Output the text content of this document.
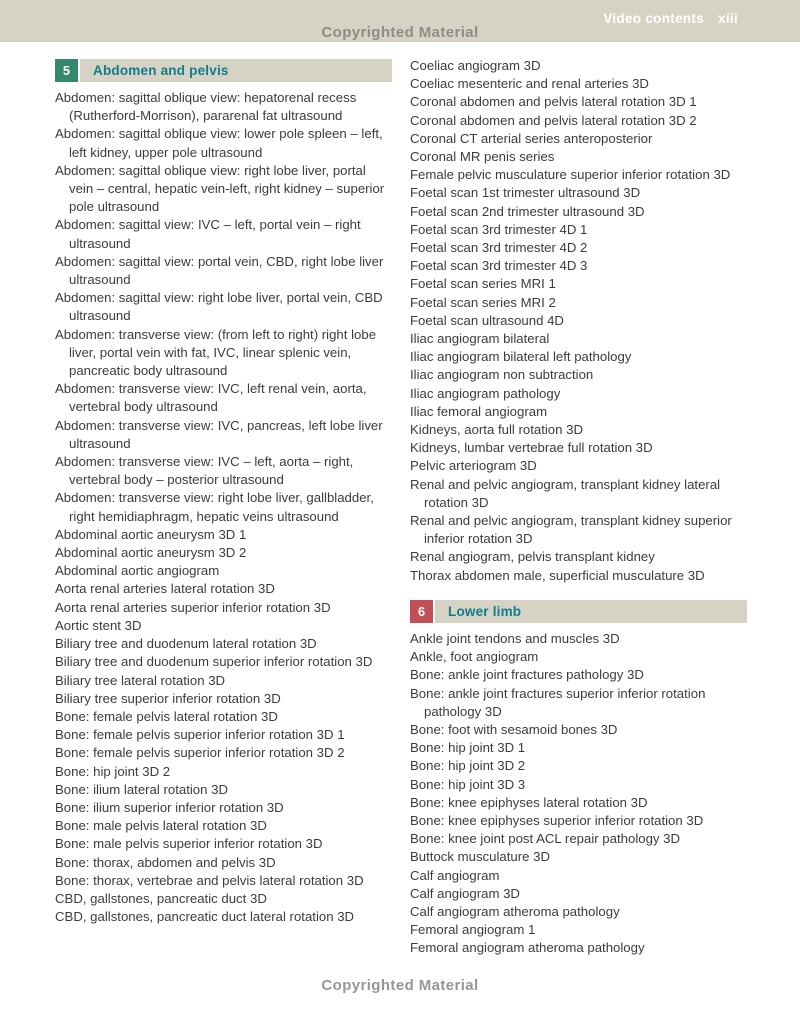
Video contents xiii
Copyrighted Material
5	Abdomen and pelvis
Abdomen: sagittal oblique view: hepatorenal recess (Rutherford-Morrison), pararenal fat ultrasound
Abdomen: sagittal oblique view: lower pole spleen – left, left kidney, upper pole ultrasound
Abdomen: sagittal oblique view: right lobe liver, portal vein – central, hepatic vein-left, right kidney – superior pole ultrasound
Abdomen: sagittal view: IVC – left, portal vein – right ultrasound
Abdomen: sagittal view: portal vein, CBD, right lobe liver ultrasound
Abdomen: sagittal view: right lobe liver, portal vein, CBD ultrasound
Abdomen: transverse view: (from left to right) right lobe liver, portal vein with fat, IVC, linear splenic vein, pancreatic body ultrasound
Abdomen: transverse view: IVC, left renal vein, aorta, vertebral body ultrasound
Abdomen: transverse view: IVC, pancreas, left lobe liver ultrasound
Abdomen: transverse view: IVC – left, aorta – right, vertebral body – posterior ultrasound
Abdomen: transverse view: right lobe liver, gallbladder, right hemidiaphragm, hepatic veins ultrasound
Abdominal aortic aneurysm 3D 1
Abdominal aortic aneurysm 3D 2
Abdominal aortic angiogram
Aorta renal arteries lateral rotation 3D
Aorta renal arteries superior inferior rotation 3D
Aortic stent 3D
Biliary tree and duodenum lateral rotation 3D
Biliary tree and duodenum superior inferior rotation 3D
Biliary tree lateral rotation 3D
Biliary tree superior inferior rotation 3D
Bone: female pelvis lateral rotation 3D
Bone: female pelvis superior inferior rotation 3D 1
Bone: female pelvis superior inferior rotation 3D 2
Bone: hip joint 3D 2
Bone: ilium lateral rotation 3D
Bone: ilium superior inferior rotation 3D
Bone: male pelvis lateral rotation 3D
Bone: male pelvis superior inferior rotation 3D
Bone: thorax, abdomen and pelvis 3D
Bone: thorax, vertebrae and pelvis lateral rotation 3D
CBD, gallstones, pancreatic duct 3D
CBD, gallstones, pancreatic duct lateral rotation 3D
Coeliac angiogram 3D
Coeliac mesenteric and renal arteries 3D
Coronal abdomen and pelvis lateral rotation 3D 1
Coronal abdomen and pelvis lateral rotation 3D 2
Coronal CT arterial series anteroposterior
Coronal MR penis series
Female pelvic musculature superior inferior rotation 3D
Foetal scan 1st trimester ultrasound 3D
Foetal scan 2nd trimester ultrasound 3D
Foetal scan 3rd trimester 4D 1
Foetal scan 3rd trimester 4D 2
Foetal scan 3rd trimester 4D 3
Foetal scan series MRI 1
Foetal scan series MRI 2
Foetal scan ultrasound 4D
Iliac angiogram bilateral
Iliac angiogram bilateral left pathology
Iliac angiogram non subtraction
Iliac angiogram pathology
Iliac femoral angiogram
Kidneys, aorta full rotation 3D
Kidneys, lumbar vertebrae full rotation 3D
Pelvic arteriogram 3D
Renal and pelvic angiogram, transplant kidney lateral rotation 3D
Renal and pelvic angiogram, transplant kidney superior inferior rotation 3D
Renal angiogram, pelvis transplant kidney
Thorax abdomen male, superficial musculature 3D
6	Lower limb
Ankle joint tendons and muscles 3D
Ankle, foot angiogram
Bone: ankle joint fractures pathology 3D
Bone: ankle joint fractures superior inferior rotation pathology 3D
Bone: foot with sesamoid bones 3D
Bone: hip joint 3D 1
Bone: hip joint 3D 2
Bone: hip joint 3D 3
Bone: knee epiphyses lateral rotation 3D
Bone: knee epiphyses superior inferior rotation 3D
Bone: knee joint post ACL repair pathology 3D
Buttock musculature 3D
Calf angiogram
Calf angiogram 3D
Calf angiogram atheroma pathology
Femoral angiogram 1
Femoral angiogram atheroma pathology
Copyrighted Material
